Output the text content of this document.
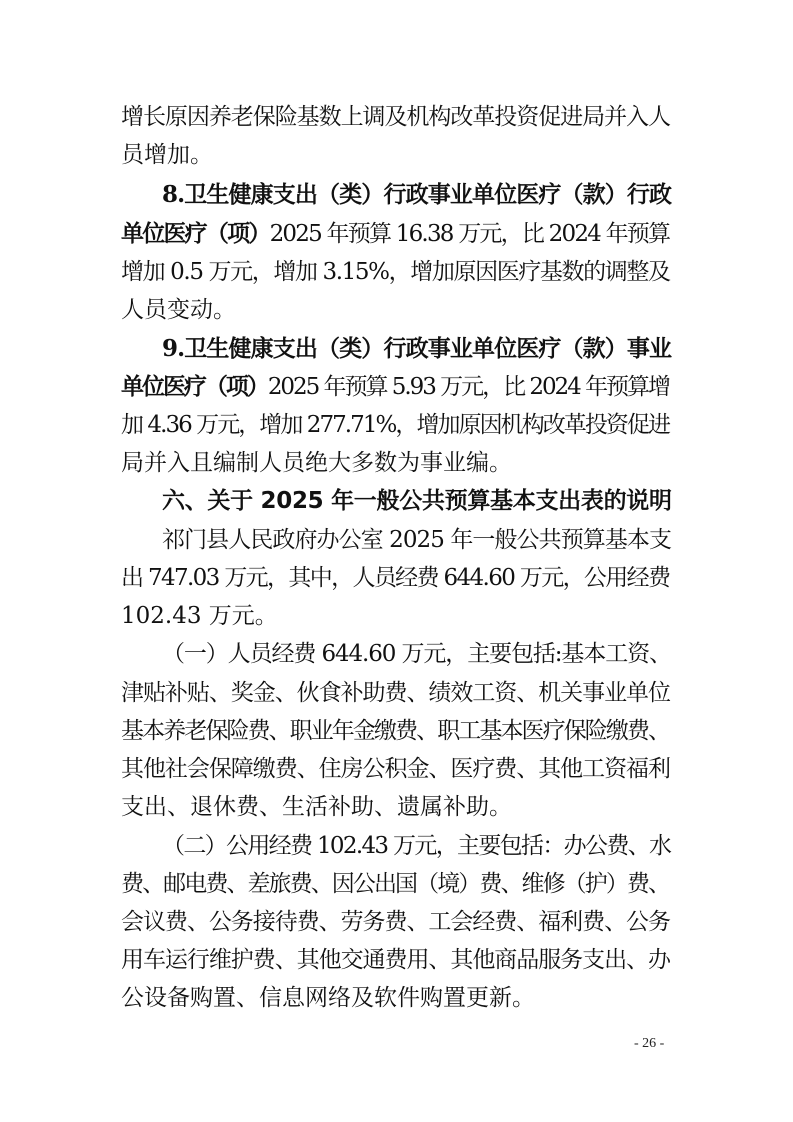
增长原因养老保险基数上调及机构改革投资促进局并入人
员增加。
8.卫生健康支出（类）行政事业单位医疗（款）行政
单位医疗（项）2025 年预算 16.38 万元，比 2024 年预算
增加 0.5 万元，增加 3.15%，增加原因医疗基数的调整及
人员变动。
9.卫生健康支出（类）行政事业单位医疗（款）事业
单位医疗（项）2025 年预算 5.93 万元，比 2024 年预算增
加 4.36 万元，增加 277.71%，增加原因机构改革投资促进
局并入且编制人员绝大多数为事业编。
六、关于 2025 年一般公共预算基本支出表的说明
祁门县人民政府办公室 2025 年一般公共预算基本支
出 747.03 万元，其中，人员经费 644.60 万元，公用经费
102.43 万元。
（一）人员经费 644.60 万元，主要包括:基本工资、
津贴补贴、奖金、伙食补助费、绩效工资、机关事业单位
基本养老保险费、职业年金缴费、职工基本医疗保险缴费、
其他社会保障缴费、住房公积金、医疗费、其他工资福利
支出、退休费、生活补助、遗属补助。
（二）公用经费 102.43 万元，主要包括：办公费、水
费、邮电费、差旅费、因公出国（境）费、维修（护）费、
会议费、公务接待费、劳务费、工会经费、福利费、公务
用车运行维护费、其他交通费用、其他商品服务支出、办
公设备购置、信息网络及软件购置更新。
- 26 -
